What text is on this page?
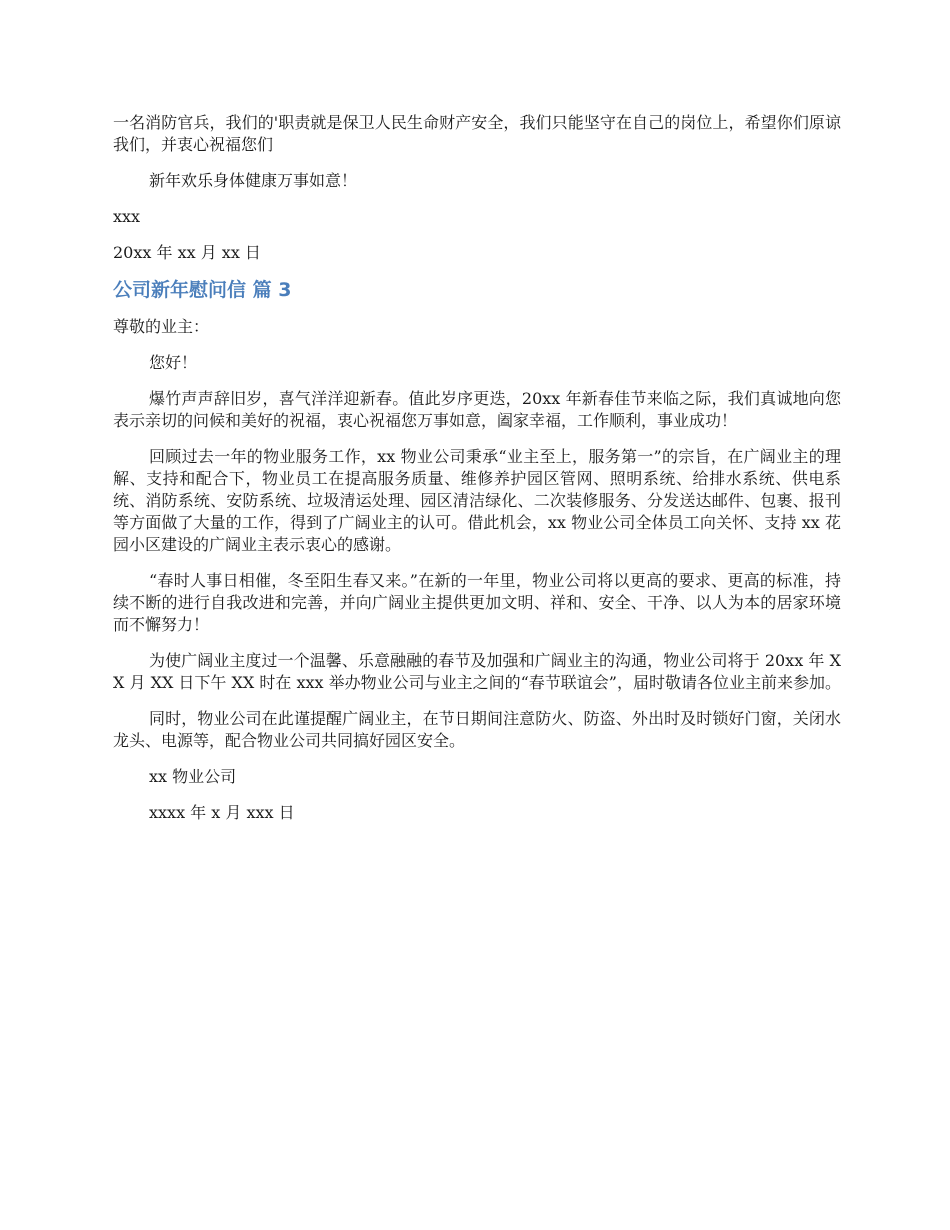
一名消防官兵，我们的'职责就是保卫人民生命财产安全，我们只能坚守在自己的岗位上，希望你们原谅我们，并衷心祝福您们

新年欢乐身体健康万事如意！

xxx

20xx 年 xx 月 xx 日

公司新年慰问信 篇 3

尊敬的业主：

您好！

爆竹声声辞旧岁，喜气洋洋迎新春。值此岁序更迭，20xx 年新春佳节来临之际，我们真诚地向您表示亲切的问候和美好的祝福，衷心祝福您万事如意，阖家幸福，工作顺利，事业成功！

回顾过去一年的物业服务工作，xx 物业公司秉承“业主至上，服务第一”的宗旨，在广阔业主的理解、支持和配合下，物业员工在提高服务质量、维修养护园区管网、照明系统、给排水系统、供电系统、消防系统、安防系统、垃圾清运处理、园区清洁绿化、二次装修服务、分发送达邮件、包裹、报刊等方面做了大量的工作，得到了广阔业主的认可。借此机会，xx 物业公司全体员工向关怀、支持 xx 花园小区建设的广阔业主表示衷心的感谢。

“春时人事日相催，冬至阳生春又来。”在新的一年里，物业公司将以更高的要求、更高的标准，持续不断的进行自我改进和完善，并向广阔业主提供更加文明、祥和、安全、干净、以人为本的居家环境而不懈努力！

为使广阔业主度过一个温馨、乐意融融的春节及加强和广阔业主的沟通，物业公司将于 20xx 年 XX 月 XX 日下午 XX 时在 xxx 举办物业公司与业主之间的“春节联谊会”，届时敬请各位业主前来参加。

同时，物业公司在此谨提醒广阔业主，在节日期间注意防火、防盗、外出时及时锁好门窗，关闭水龙头、电源等，配合物业公司共同搞好园区安全。

xx 物业公司

xxxx 年 x 月 xxx 日
